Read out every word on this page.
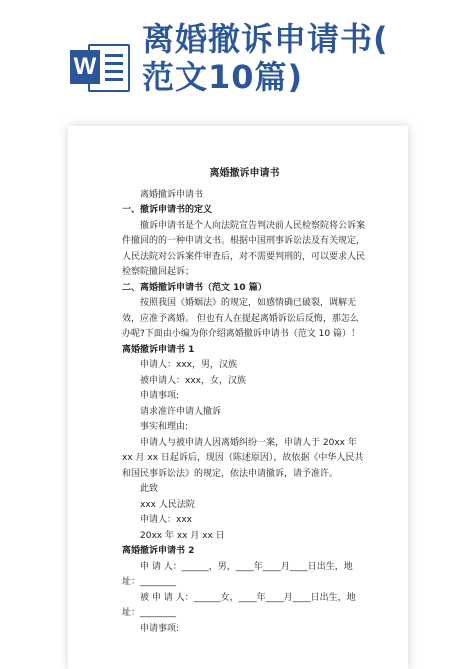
W
离婚撤诉申请书(
范文10篇)
离婚撤诉申请书

离婚撤诉申请书

一、撤诉申请书的定义

撤诉申请书是个人向法院宣告判决前人民检察院将公诉案件撤回的的一种申请文书。根据中国刑事诉讼法及有关规定，人民法院对公诉案件审查后，对不需要判刑的，可以要求人民检察院撤回起诉；

二、离婚撤诉申请书（范文 10 篇）

按照我国《婚姻法》的规定，如感情确已破裂，调解无效，应准予离婚。 但也有人在提起离婚诉讼后反悔，那怎么办呢?下面由小编为你介绍离婚撤诉申请书（范文 10 篇）！

离婚撤诉申请书 1

申请人：xxx，男，汉族

被申请人：xxx，女，汉族

申请事项:

请求准许申请人撤诉

事实和理由:

申请人与被申请人因离婚纠纷一案，申请人于 20xx 年 xx 月 xx 日起诉后，现因（陈述原因），故依据《中华人民共和国民事诉讼法》的规定，依法申请撤诉，请予准许。

此致

xxx 人民法院

申请人：xxx

20xx 年 xx 月 xx 日

离婚撤诉申请书 2

申 请 人：______，男，____年____月____日出生，地址：________

被 申 请 人：______女，____年____月____日出生，地址：________

申请事项:
